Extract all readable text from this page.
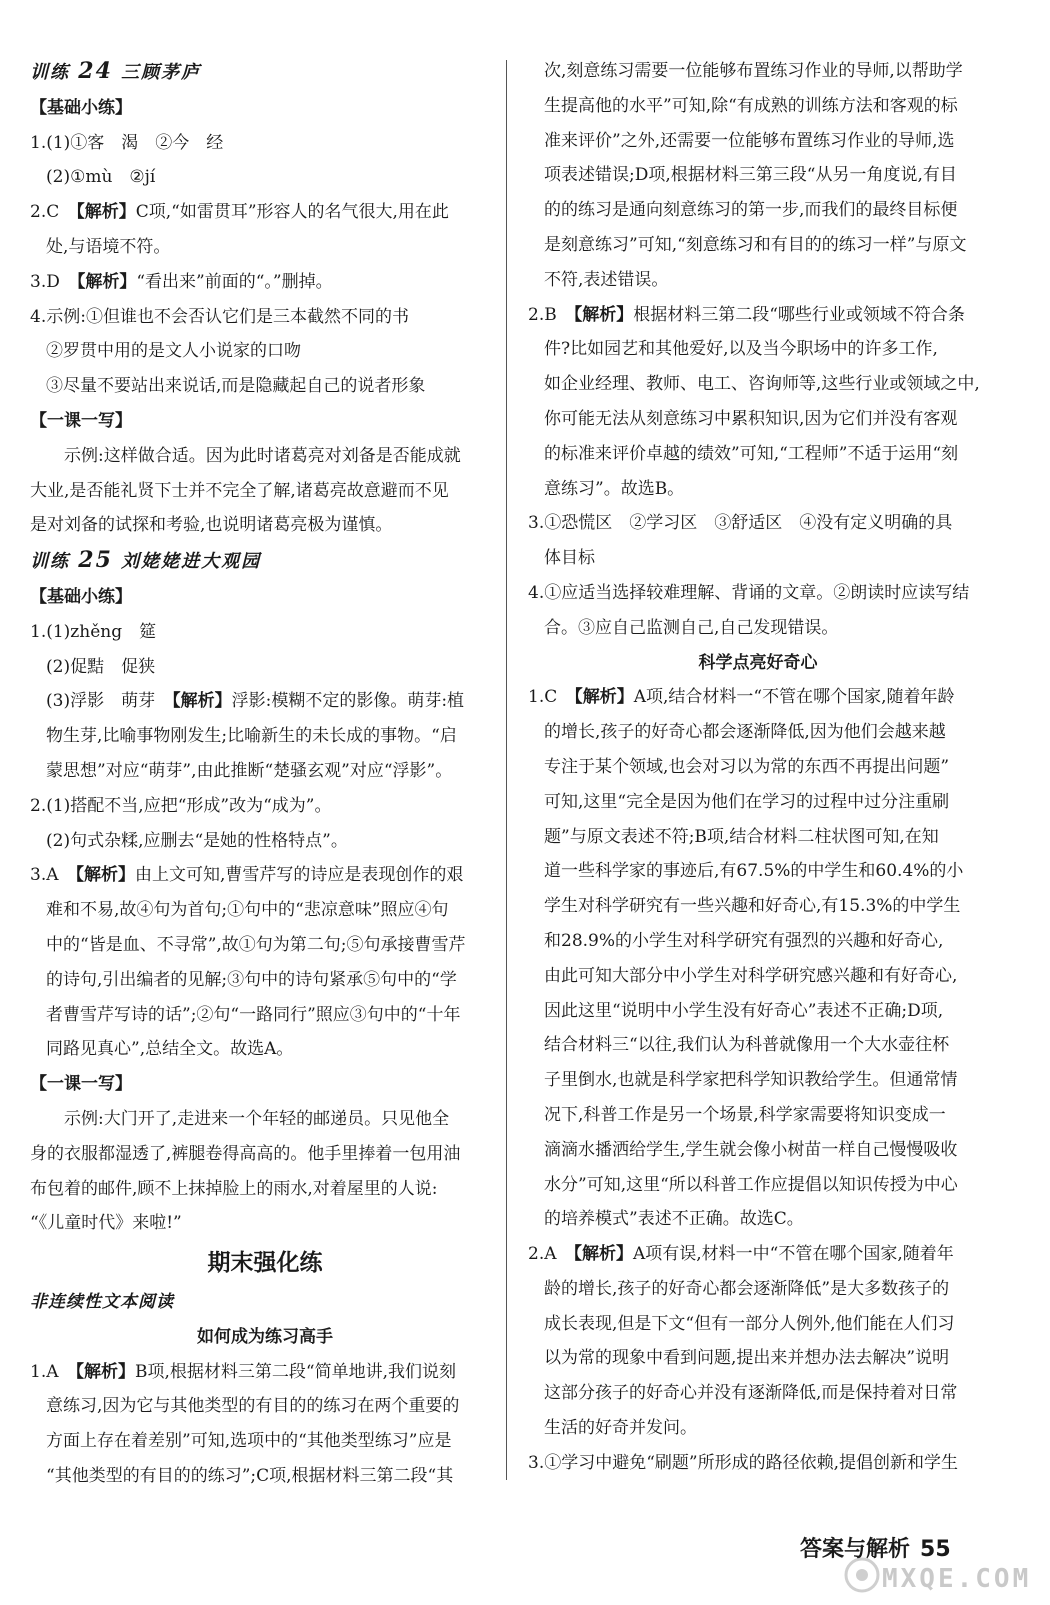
训练 24 三顾茅庐
【基础小练】
1.(1)①客　渴　②今　经
(2)①mù　②jí
2.C　【解析】C项,“如雷贯耳”形容人的名气很大,用在此
处,与语境不符。
3.D　【解析】“看出来”前面的“。”删掉。
4.示例:①但谁也不会否认它们是三本截然不同的书
②罗贯中用的是文人小说家的口吻
③尽量不要站出来说话,而是隐藏起自己的说者形象
【一课一写】
示例:这样做合适。因为此时诸葛亮对刘备是否能成就
大业,是否能礼贤下士并不完全了解,诸葛亮故意避而不见
是对刘备的试探和考验,也说明诸葛亮极为谨慎。
训练 25 刘姥姥进大观园
【基础小练】
1.(1)zhěng　筵
(2)促黠　促狭
(3)浮影　萌芽　【解析】浮影:模糊不定的影像。萌芽:植
物生芽,比喻事物刚发生;比喻新生的未长成的事物。“启
蒙思想”对应“萌芽”,由此推断“楚骚玄观”对应“浮影”。
2.(1)搭配不当,应把“形成”改为“成为”。
(2)句式杂糅,应删去“是她的性格特点”。
3.A　【解析】由上文可知,曹雪芹写的诗应是表现创作的艰
难和不易,故④句为首句;①句中的“悲凉意味”照应④句
中的“皆是血、不寻常”,故①句为第二句;⑤句承接曹雪芹
的诗句,引出编者的见解;③句中的诗句紧承⑤句中的“学
者曹雪芹写诗的话”;②句“一路同行”照应③句中的“十年
同路见真心”,总结全文。故选A。
【一课一写】
示例:大门开了,走进来一个年轻的邮递员。只见他全
身的衣服都湿透了,裤腿卷得高高的。他手里捧着一包用油
布包着的邮件,顾不上抹掉脸上的雨水,对着屋里的人说:
“《儿童时代》来啦!”
期末强化练
非连续性文本阅读
如何成为练习高手
1.A　【解析】B项,根据材料三第二段“简单地讲,我们说刻
意练习,因为它与其他类型的有目的的练习在两个重要的
方面上存在着差别”可知,选项中的“其他类型练习”应是
“其他类型的有目的的练习”;C项,根据材料三第二段“其
次,刻意练习需要一位能够布置练习作业的导师,以帮助学
生提高他的水平”可知,除“有成熟的训练方法和客观的标
准来评价”之外,还需要一位能够布置练习作业的导师,选
项表述错误;D项,根据材料三第三段“从另一角度说,有目
的的练习是通向刻意练习的第一步,而我们的最终目标便
是刻意练习”可知,“刻意练习和有目的的练习一样”与原文
不符,表述错误。
2.B　【解析】根据材料三第二段“哪些行业或领域不符合条
件?比如园艺和其他爱好,以及当今职场中的许多工作,
如企业经理、教师、电工、咨询师等,这些行业或领域之中,
你可能无法从刻意练习中累积知识,因为它们并没有客观
的标准来评价卓越的绩效”可知,“工程师”不适于运用“刻
意练习”。故选B。
3.①恐慌区　②学习区　③舒适区　④没有定义明确的具
体目标
4.①应适当选择较难理解、背诵的文章。②朗读时应读写结
合。③应自己监测自己,自己发现错误。
科学点亮好奇心
1.C　【解析】A项,结合材料一“不管在哪个国家,随着年龄
的增长,孩子的好奇心都会逐渐降低,因为他们会越来越
专注于某个领域,也会对习以为常的东西不再提出问题”
可知,这里“完全是因为他们在学习的过程中过分注重刷
题”与原文表述不符;B项,结合材料二柱状图可知,在知
道一些科学家的事迹后,有67.5%的中学生和60.4%的小
学生对科学研究有一些兴趣和好奇心,有15.3%的中学生
和28.9%的小学生对科学研究有强烈的兴趣和好奇心,
由此可知大部分中小学生对科学研究感兴趣和有好奇心,
因此这里“说明中小学生没有好奇心”表述不正确;D项,
结合材料三“以往,我们认为科普就像用一个大水壶往杯
子里倒水,也就是科学家把科学知识教给学生。但通常情
况下,科普工作是另一个场景,科学家需要将知识变成一
滴滴水播洒给学生,学生就会像小树苗一样自己慢慢吸收
水分”可知,这里“所以科普工作应提倡以知识传授为中心
的培养模式”表述不正确。故选C。
2.A　【解析】A项有误,材料一中“不管在哪个国家,随着年
龄的增长,孩子的好奇心都会逐渐降低”是大多数孩子的
成长表现,但是下文“但有一部分人例外,他们能在人们习
以为常的现象中看到问题,提出来并想办法去解决”说明
这部分孩子的好奇心并没有逐渐降低,而是保持着对日常
生活的好奇并发问。
3.①学习中避免“刷题”所形成的路径依赖,提倡创新和学生
答案与解析 55
MXQE.COM
